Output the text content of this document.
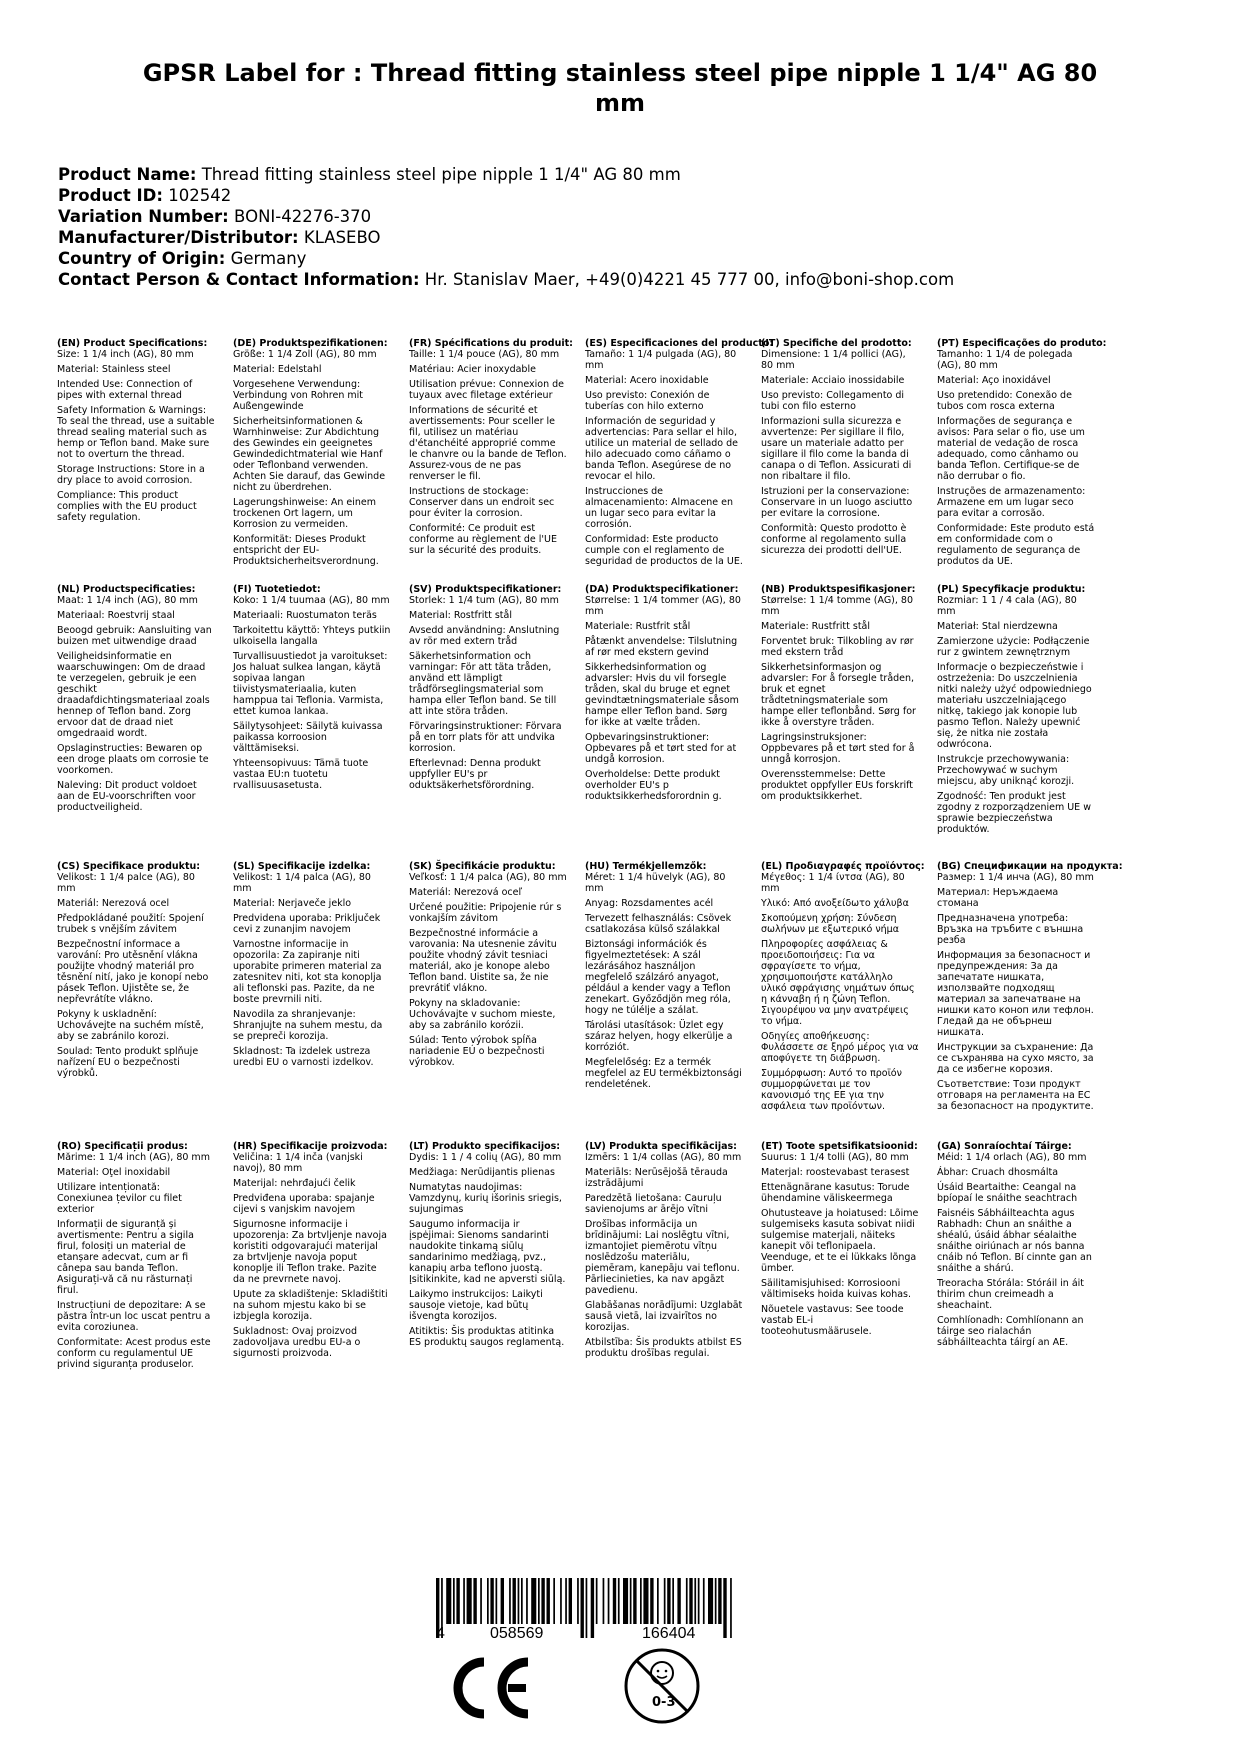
GPSR Label for : Thread fitting stainless steel pipe nipple 1 1/4" AG 80 mm
Product Name: Thread fitting stainless steel pipe nipple 1 1/4" AG 80 mm
Product ID: 102542
Variation Number: BONI-42276-370
Manufacturer/Distributor: KLASEBO
Country of Origin: Germany
Contact Person & Contact Information: Hr. Stanislav Maer, +49(0)4221 45 777 00, info@boni-shop.com
(EN) Product Specifications:
Size: 1 1/4 inch (AG), 80 mm
Material: Stainless steel
Intended Use: Connection of pipes with external thread
Safety Information & Warnings: To seal the thread, use a suitable thread sealing material such as hemp or Teflon band. Make sure not to overturn the thread.
Storage Instructions: Store in a dry place to avoid corrosion.
Compliance: This product complies with the EU product safety regulation.
(DE) Produktspezifikationen:
Größe: 1 1/4 Zoll (AG), 80 mm
Material: Edelstahl
Vorgesehene Verwendung: Verbindung von Rohren mit Außengewinde
Sicherheitsinformationen & Warnhinweise: Zur Abdichtung des Gewindes ein geeignetes Gewindedichtmaterial wie Hanf oder Teflonband verwenden. Achten Sie darauf, das Gewinde nicht zu überdrehen.
Lagerungshinweise: An einem trockenen Ort lagern, um Korrosion zu vermeiden.
Konformität: Dieses Produkt entspricht der EU-Produktsicherheitsverordnung.
(FR) Spécifications du produit:
Taille: 1 1/4 pouce (AG), 80 mm
Matériau: Acier inoxydable
Utilisation prévue: Connexion de tuyaux avec filetage extérieur
Informations de sécurité et avertissements: Pour sceller le fil, utilisez un matériau d'étanchéité approprié comme le chanvre ou la bande de Teflon. Assurez-vous de ne pas renverser le fil.
Instructions de stockage: Conserver dans un endroit sec pour éviter la corrosion.
Conformité: Ce produit est conforme au règlement de l'UE sur la sécurité des produits.
(ES) Especificaciones del producto:
Tamaño: 1 1/4 pulgada (AG), 80 mm
Material: Acero inoxidable
Uso previsto: Conexión de tuberías con hilo externo
Información de seguridad y advertencias: Para sellar el hilo, utilice un material de sellado de hilo adecuado como cáñamo o banda Teflon. Asegúrese de no revocar el hilo.
Instrucciones de almacenamiento: Almacene en un lugar seco para evitar la corrosión.
Conformidad: Este producto cumple con el reglamento de seguridad de productos de la UE.
(IT) Specifiche del prodotto:
Dimensione: 1 1/4 pollici (AG), 80 mm
Materiale: Acciaio inossidabile
Uso previsto: Collegamento di tubi con filo esterno
Informazioni sulla sicurezza e avvertenze: Per sigillare il filo, usare un materiale adatto per sigillare il filo come la banda di canapa o di Teflon. Assicurati di non ribaltare il filo.
Istruzioni per la conservazione: Conservare in un luogo asciutto per evitare la corrosione.
Conformità: Questo prodotto è conforme al regolamento sulla sicurezza dei prodotti dell'UE.
(PT) Especificações do produto:
Tamanho: 1 1/4 de polegada (AG), 80 mm
Material: Aço inoxidável
Uso pretendido: Conexão de tubos com rosca externa
Informações de segurança e avisos: Para selar o fio, use um material de vedação de rosca adequado, como cânhamo ou banda Teflon. Certifique-se de não derrubar o fio.
Instruções de armazenamento: Armazene em um lugar seco para evitar a corrosão.
Conformidade: Este produto está em conformidade com o regulamento de segurança de produtos da UE.
(NL) Productspecificaties:
Maat: 1 1/4 inch (AG), 80 mm
Materiaal: Roestvrij staal
Beoogd gebruik: Aansluiting van buizen met uitwendige draad
Veiligheidsinformatie en waarschuwingen: Om de draad te verzegelen, gebruik je een geschikt draadafdichtingsmateriaal zoals hennep of Teflon band. Zorg ervoor dat de draad niet omgedraaid wordt.
Opslaginstructies: Bewaren op een droge plaats om corrosie te voorkomen.
Naleving: Dit product voldoet aan de EU-voorschriften voor productveiligheid.
(FI) Tuotetiedot:
Koko: 1 1/4 tuumaa (AG), 80 mm
Materiaali: Ruostumaton teräs
Tarkoitettu käyttö: Yhteys putkiin ulkoisella langalla
Turvallisuustiedot ja varoitukset: Jos haluat sulkea langan, käytä sopivaa langan tiivistysmateriaalia, kuten hamppua tai Teflonia. Varmista, ettet kumoa lankaa.
Säilytysohjeet: Säilytä kuivassa paikassa korroosion välttämiseksi.
Yhteensopivuus: Tämä tuote vastaa EU:n tuotetu rvallisuusasetusta.
(SV) Produktspecifikationer:
Storlek: 1 1/4 tum (AG), 80 mm
Material: Rostfritt stål
Avsedd användning: Anslutning av rör med extern tråd
Säkerhetsinformation och varningar: För att täta tråden, använd ett lämpligt trådförseglingsmaterial som hampa eller Teflon band. Se till att inte störa tråden.
Förvaringsinstruktioner: Förvara på en torr plats för att undvika korrosion.
Efterlevnad: Denna produkt uppfyller EU's pr oduktsäkerhetsförordning.
(DA) Produktspecifikationer:
Størrelse: 1 1/4 tommer (AG), 80 mm
Materiale: Rustfrit stål
Påtænkt anvendelse: Tilslutning af rør med ekstern gevind
Sikkerhedsinformation og advarsler: Hvis du vil forsegle tråden, skal du bruge et egnet gevindtætningsmateriale såsom hampe eller Teflon band. Sørg for ikke at vælte tråden.
Opbevaringsinstruktioner: Opbevares på et tørt sted for at undgå korrosion.
Overholdelse: Dette produkt overholder EU's p roduktsikkerhedsforordnin g.
(NB) Produktspesifikasjoner:
Størrelse: 1 1/4 tomme (AG), 80 mm
Materiale: Rustfritt stål
Forventet bruk: Tilkobling av rør med ekstern tråd
Sikkerhetsinformasjon og advarsler: For å forsegle tråden, bruk et egnet trådtetningsmateriale som hampe eller teflonbånd. Sørg for ikke å overstyre tråden.
Lagringsinstruksjoner: Oppbevares på et tørt sted for å unngå korrosjon.
Overensstemmelse: Dette produktet oppfyller EUs forskrift om produktsikkerhet.
(PL) Specyfikacje produktu:
Rozmiar: 1 1 / 4 cala (AG), 80 mm
Materiał: Stal nierdzewna
Zamierzone użycie: Podłączenie rur z gwintem zewnętrznym
Informacje o bezpieczeństwie i ostrzeżenia: Do uszczelnienia nitki należy użyć odpowiedniego materiału uszczelniającego nitkę, takiego jak konopie lub pasmo Teflon. Należy upewnić się, że nitka nie została odwrócona.
Instrukcje przechowywania: Przechowywać w suchym miejscu, aby uniknąć korozji.
Zgodność: Ten produkt jest zgodny z rozporządzeniem UE w sprawie bezpieczeństwa produktów.
(CS) Specifikace produktu:
Velikost: 1 1/4 palce (AG), 80 mm
Materiál: Nerezová ocel
Předpokládané použití: Spojení trubek s vnějším závitem
Bezpečnostní informace a varování: Pro utěsnění vlákna použijte vhodný materiál pro těsnění nití, jako je konopí nebo pásek Teflon. Ujistěte se, že nepřevrátíte vlákno.
Pokyny k uskladnění: Uchovávejte na suchém místě, aby se zabránilo korozi.
Soulad: Tento produkt splňuje nařízení EU o bezpečnosti výrobků.
(SL) Specifikacije izdelka:
Velikost: 1 1/4 palca (AG), 80 mm
Material: Nerjaveče jeklo
Predvidena uporaba: Priključek cevi z zunanjim navojem
Varnostne informacije in opozorila: Za zapiranje niti uporabite primeren material za zatesnitev niti, kot sta konoplja ali teflonski pas. Pazite, da ne boste prevrnili niti.
Navodila za shranjevanje: Shranjujte na suhem mestu, da se prepreči korozija.
Skladnost: Ta izdelek ustreza uredbi EU o varnosti izdelkov.
(SK) Špecifikácie produktu:
Veľkosť: 1 1/4 palca (AG), 80 mm
Materiál: Nerezová oceľ
Určené použitie: Pripojenie rúr s vonkajším závitom
Bezpečnostné informácie a varovania: Na utesnenie závitu použite vhodný závit tesniaci materiál, ako je konope alebo Teflon band. Uistite sa, že nie prevrátiť vlákno.
Pokyny na skladovanie: Uchovávajte v suchom mieste, aby sa zabránilo korózii.
Súlad: Tento výrobok spĺňa nariadenie EÚ o bezpečnosti výrobkov.
(HU) Termékjellemzők:
Méret: 1 1/4 hüvelyk (AG), 80 mm
Anyag: Rozsdamentes acél
Tervezett felhasználás: Csövek csatlakozása külső szálakkal
Biztonsági információk és figyelmeztetések: A szál lezárásához használjon megfelelő szálzáró anyagot, például a kender vagy a Teflon zenekart. Győződjön meg róla, hogy ne túlélje a szálat.
Tárolási utasítások: Üzlet egy száraz helyen, hogy elkerülje a korróziót.
Megfelelőség: Ez a termék megfelel az EU termékbiztonsági rendeletének.
(EL) Προδιαγραφές προϊόντος:
Μέγεθος: 1 1/4 ίντσα (AG), 80 mm
Υλικό: Από ανοξείδωτο χάλυβα
Σκοπούμενη χρήση: Σύνδεση σωλήνων με εξωτερικό νήμα
Πληροφορίες ασφάλειας & προειδοποιήσεις: Για να σφραγίσετε το νήμα, χρησιμοποιήστε κατάλληλο υλικό σφράγισης νημάτων όπως η κάνναβη ή η ζώνη Teflon. Σιγουρέψου να μην ανατρέψεις το νήμα.
Οδηγίες αποθήκευσης: Φυλάσσετε σε ξηρό μέρος για να αποφύγετε τη διάβρωση.
Συμμόρφωση: Αυτό το προϊόν συμμορφώνεται με τον κανονισμό της ΕΕ για την ασφάλεια των προϊόντων.
(BG) Спецификации на продукта:
Размер: 1 1/4 инча (AG), 80 mm
Материал: Неръждаема стомана
Предназначена употреба: Връзка на тръбите с външна резба
Информация за безопасност и предупреждения: За да запечатате нишката, използвайте подходящ материал за запечатване на нишки като коноп или тефлон. Гледай да не обърнеш нишката.
Инструкции за съхранение: Да се съхранява на сухо място, за да се избегне корозия.
Съответствие: Този продукт отговаря на регламента на ЕС за безопасност на продуктите.
(RO) Specificații produs:
Mărime: 1 1/4 inch (AG), 80 mm
Material: Oţel inoxidabil
Utilizare intenționată: Conexiunea țevilor cu filet exterior
Informații de siguranță și avertismente: Pentru a sigila firul, folosiți un material de etanșare adecvat, cum ar fi cânepa sau banda Teflon. Asigurați-vă că nu răsturnați firul.
Instrucțiuni de depozitare: A se păstra într-un loc uscat pentru a evita coroziunea.
Conformitate: Acest produs este conform cu regulamentul UE privind siguranța produselor.
(HR) Specifikacije proizvoda:
Veličina: 1 1/4 inča (vanjski navoj), 80 mm
Materijal: nehrđajući čelik
Predviđena uporaba: spajanje cijevi s vanjskim navojem
Sigurnosne informacije i upozorenja: Za brtvljenje navoja koristiti odgovarajući materijal za brtvljenje navoja poput konoplje ili Teflon trake. Pazite da ne prevrnete navoj.
Upute za skladištenje: Skladištiti na suhom mjestu kako bi se izbjegla korozija.
Sukladnost: Ovaj proizvod zadovoljava uredbu EU-a o sigurnosti proizvoda.
(LT) Produkto specifikacijos:
Dydis: 1 1 / 4 colių (AG), 80 mm
Medžiaga: Nerūdijantis plienas
Numatytas naudojimas: Vamzdynų, kurių išorinis sriegis, sujungimas
Saugumo informacija ir įspėjimai: Sienoms sandarinti naudokite tinkamą siūlų sandarinimo medžiagą, pvz., kanapių arba teflono juostą. Įsitikinkite, kad ne apversti siūlą.
Laikymo instrukcijos: Laikyti sausoje vietoje, kad būtų išvengta korozijos.
Atitiktis: Šis produktas atitinka ES produktų saugos reglamentą.
(LV) Produkta specifikācijas:
Izmērs: 1 1/4 collas (AG), 80 mm
Materiāls: Nerūsējošā tērauda izstrādājumi
Paredzētā lietošana: Cauruļu savienojums ar ārējo vītni
Drošības informācija un brīdinājumi: Lai noslēgtu vītni, izmantojiet piemērotu vītņu noslēdzošu materiālu, piemēram, kanepāju vai teflonu. Pārliecinieties, ka nav apgāzt pavedienu.
Glabāšanas norādījumi: Uzglabāt sausā vietā, lai izvairītos no korozijas.
Atbilstība: Šis produkts atbilst ES produktu drošības regulai.
(ET) Toote spetsifikatsioonid:
Suurus: 1 1/4 tolli (AG), 80 mm
Materjal: roostevabast terasest
Ettenägnärane kasutus: Torude ühendamine väliskeermega
Ohutusteave ja hoiatused: Lõime sulgemiseks kasuta sobivat niidi sulgemise materjali, näiteks kanepit või teflonipaela. Veenduge, et te ei lükkaks lõnga ümber.
Säilitamisjuhised: Korrosiooni vältimiseks hoida kuivas kohas.
Nõuetele vastavus: See toode vastab EL-i tooteohutusmäärusele.
(GA) Sonraíochtaí Táirge:
Méid: 1 1/4 orlach (AG), 80 mm
Ábhar: Cruach dhosmálta
Úsáid Beartaithe: Ceangal na bpíopaí le snáithe seachtrach
Faisnéis Sábháilteachta agus Rabhadh: Chun an snáithe a shéalú, úsáid ábhar séalaithe snáithe oiriúnach ar nós banna cnáib nó Teflon. Bí cinnte gan an snáithe a shárú.
Treoracha Stórála: Stóráil in áit thirim chun creimeadh a sheachaint.
Comhlíonadh: Comhlíonann an táirge seo rialachán sábháilteachta táirgí an AE.
4	058569	166404
0-3
